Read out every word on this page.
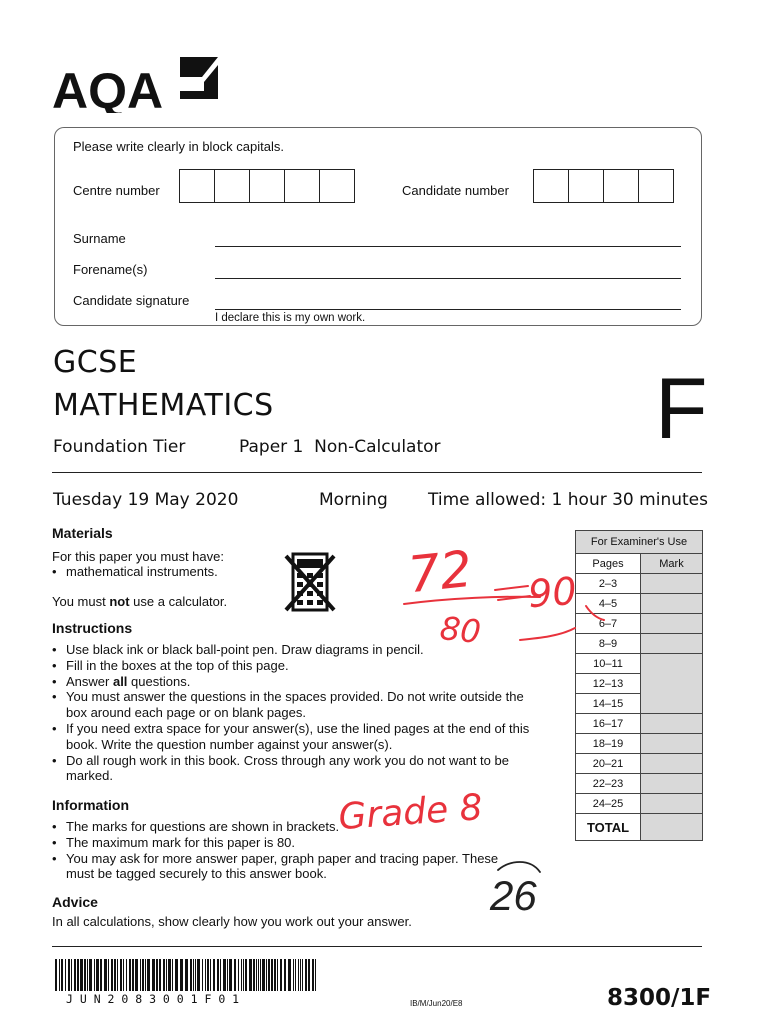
AQA
Please write clearly in block capitals.
Centre number	Candidate number
Surname
Forename(s)
Candidate signature
I declare this is my own work.
GCSE
MATHEMATICS	F
Foundation Tier	Paper 1  Non-Calculator
Tuesday 19 May 2020	Morning Time allowed: 1 hour 30 minutes
Materials
For this paper you must have:
• mathematical instruments.
You must not use a calculator.
Instructions
• Use black ink or black ball-point pen. Draw diagrams in pencil.
• Fill in the boxes at the top of this page.
• Answer all questions.
• You must answer the questions in the spaces provided. Do not write outside the box around each page or on blank pages.
• If you need extra space for your answer(s), use the lined pages at the end of this book. Write the question number against your answer(s).
• Do all rough work in this book. Cross through any work you do not want to be marked.
Information
• The marks for questions are shown in brackets.
• The maximum mark for this paper is 80.
• You may ask for more answer paper, graph paper and tracing paper. These must be tagged securely to this answer book.
Advice
In all calculations, show clearly how you work out your answer.
For Examiner's Use	
Pages	Mark
2–3	
4–5	
6–7	
8–9	
10–11	
12–13	
14–15	
16–17	
18–19	
20–21	
22–23	
24–25	
TOTAL	
72 90
80
Grade 8
26
J U N 2 0 8 3 0 0 1 F 0 1	IB/M/Jun20/E8	8300/1F
